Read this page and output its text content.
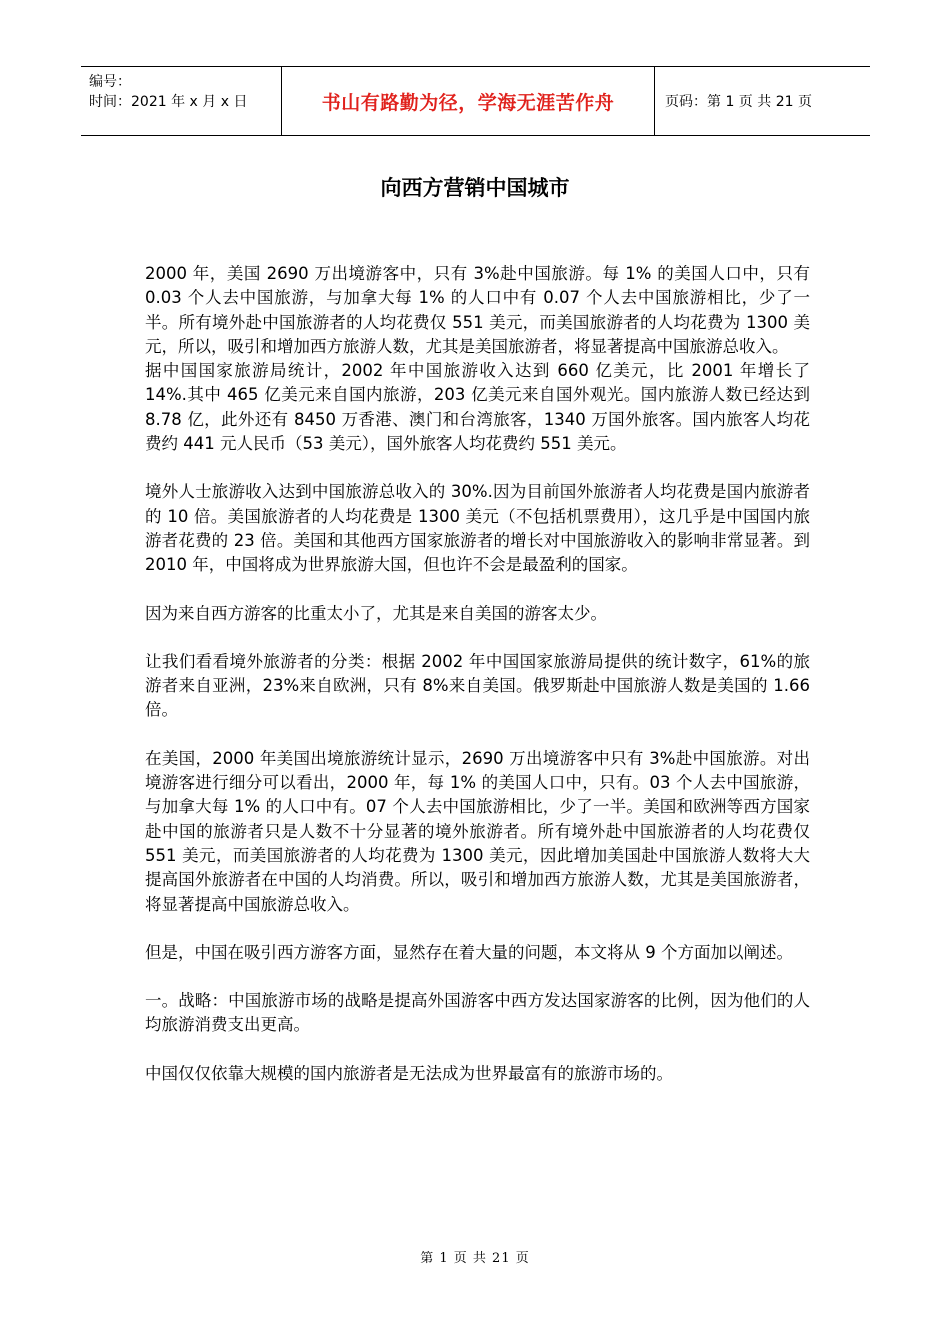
编号：
时间：2021 年 x 月 x 日	书山有路勤为径，学海无涯苦作舟	页码：第 1 页 共 21 页
向西方营销中国城市

2000 年，美国 2690 万出境游客中，只有 3%赴中国旅游。每 1% 的美国人口中，只有 0.03 个人去中国旅游，与加拿大每 1% 的人口中有 0.07 个人去中国旅游相比，少了一半。所有境外赴中国旅游者的人均花费仅 551 美元，而美国旅游者的人均花费为 1300 美元，所以，吸引和增加西方旅游人数，尤其是美国旅游者，将显著提高中国旅游总收入。

据中国国家旅游局统计，2002 年中国旅游收入达到 660 亿美元，比 2001 年增长了 14%.其中 465 亿美元来自国内旅游，203 亿美元来自国外观光。国内旅游人数已经达到 8.78 亿，此外还有 8450 万香港、澳门和台湾旅客，1340 万国外旅客。国内旅客人均花费约 441 元人民币（53 美元），国外旅客人均花费约 551 美元。

境外人士旅游收入达到中国旅游总收入的 30%.因为目前国外旅游者人均花费是国内旅游者的 10 倍。美国旅游者的人均花费是 1300 美元（不包括机票费用），这几乎是中国国内旅游者花费的 23 倍。美国和其他西方国家旅游者的增长对中国旅游收入的影响非常显著。到 2010 年，中国将成为世界旅游大国，但也许不会是最盈利的国家。

因为来自西方游客的比重太小了，尤其是来自美国的游客太少。

让我们看看境外旅游者的分类：根据 2002 年中国国家旅游局提供的统计数字，61%的旅游者来自亚洲，23%来自欧洲，只有 8%来自美国。俄罗斯赴中国旅游人数是美国的 1.66 倍。

在美国，2000 年美国出境旅游统计显示，2690 万出境游客中只有 3%赴中国旅游。对出境游客进行细分可以看出，2000 年，每 1% 的美国人口中，只有。03 个人去中国旅游，与加拿大每 1% 的人口中有。07 个人去中国旅游相比，少了一半。美国和欧洲等西方国家赴中国的旅游者只是人数不十分显著的境外旅游者。所有境外赴中国旅游者的人均花费仅 551 美元，而美国旅游者的人均花费为 1300 美元，因此增加美国赴中国旅游人数将大大提高国外旅游者在中国的人均消费。所以，吸引和增加西方旅游人数，尤其是美国旅游者，将显著提高中国旅游总收入。

但是，中国在吸引西方游客方面，显然存在着大量的问题，本文将从 9 个方面加以阐述。

一。战略：中国旅游市场的战略是提高外国游客中西方发达国家游客的比例，因为他们的人均旅游消费支出更高。

中国仅仅依靠大规模的国内旅游者是无法成为世界最富有的旅游市场的。

第 1 页 共 21 页
